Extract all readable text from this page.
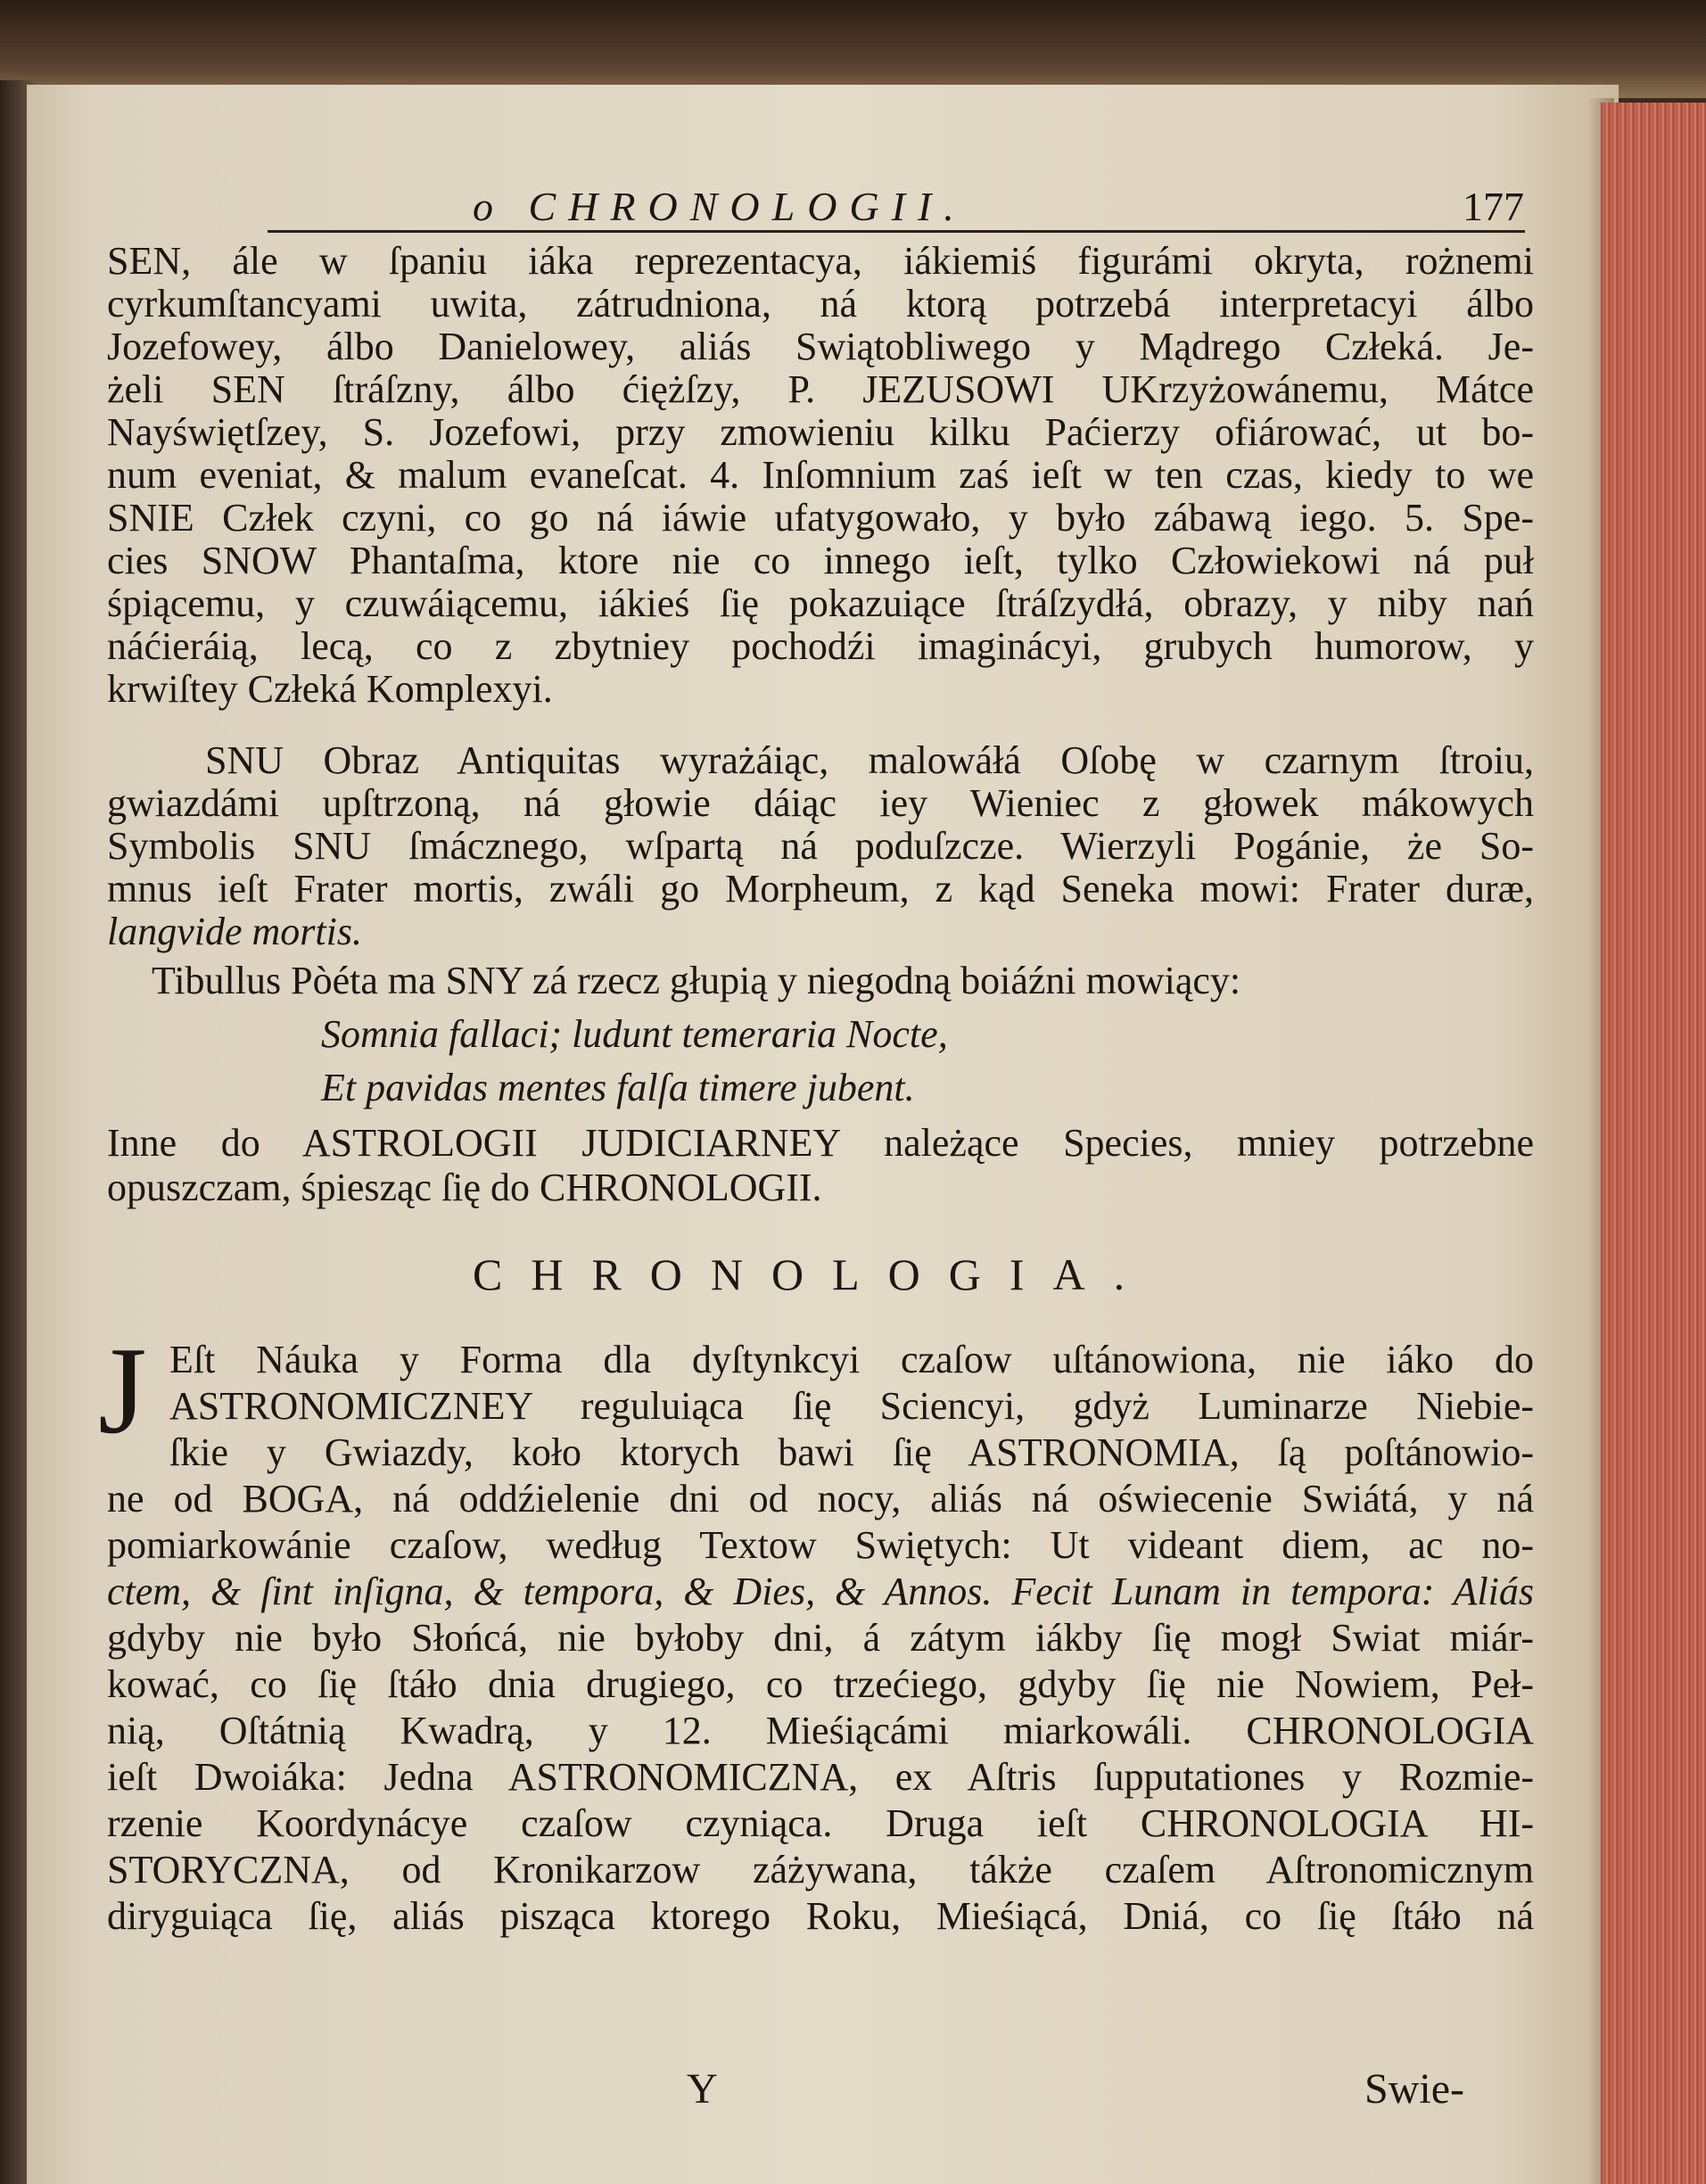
o CHRONOLOGII.	177
SEN, ále w ſpaniu iáka reprezentacya, iákiemiś figurámi okryta, rożnemi
cyrkumſtancyami uwita, zátrudniona, ná ktorą potrzebá interpretacyi álbo
Jozefowey, álbo Danielowey, aliás Swiątobliwego y Mądrego Człeká. Je-
żeli SEN ſtráſzny, álbo ćiężſzy, P. JEZUSOWI UKrzyżowánemu, Mátce
Nayświętſzey, S. Jozefowi, przy zmowieniu kilku Paćierzy ofiárować, ut bo-
num eveniat, & malum evaneſcat. 4. Inſomnium zaś ieſt w ten czas, kiedy to we
SNIE Człek czyni, co go ná iáwie ufatygowało, y było zábawą iego. 5. Spe-
cies SNOW Phantaſma, ktore nie co innego ieſt, tylko Człowiekowi ná puł
śpiącemu, y czuwáiącemu, iákieś ſię pokazuiące ſtráſzydłá, obrazy, y niby nań
náćieráią, lecą, co z zbytniey pochodźi imaginácyi, grubych humorow, y
krwiſtey Człeká Komplexyi.
SNU Obraz Antiquitas wyrażáiąc, malowáłá Oſobę w czarnym ſtroiu,
gwiazdámi upſtrzoną, ná głowie dáiąc iey Wieniec z głowek mákowych
Symbolis SNU ſmácznego, wſpartą ná poduſzcze. Wierzyli Pogánie, że So-
mnus ieſt Frater mortis, zwáli go Morpheum, z kąd Seneka mowi: Frater duræ,
langvide mortis.
Tibullus Pòéta ma SNY zá rzecz głupią y niegodną boiáźni mowiący:
Somnia fallaci; ludunt temeraria Nocte,
Et pavidas mentes falſa timere jubent.
Inne do ASTROLOGII JUDICIARNEY należące Species, mniey potrzebne
opuszczam, śpiesząc ſię do CHRONOLOGII.
CHRONOLOGIA.
J Eſt Náuka y Forma dla dyſtynkcyi czaſow uſtánowiona, nie iáko do
ASTRONOMICZNEY reguluiąca ſię Sciencyi, gdyż Luminarze Niebie-
ſkie y Gwiazdy, koło ktorych bawi ſię ASTRONOMIA, ſą poſtánowio-
ne od BOGA, ná oddźielenie dni od nocy, aliás ná oświecenie Swiátá, y ná
pomiarkowánie czaſow, według Textow Swiętych: Ut videant diem, ac no-
ctem, & ſint inſigna, & tempora, & Dies, & Annos. Fecit Lunam in tempora: Aliás
gdyby nie było Słońcá, nie byłoby dni, á zátym iákby ſię mogł Swiat miár-
kować, co ſię ſtáło dnia drugiego, co trzećiego, gdyby ſię nie Nowiem, Peł-
nią, Oſtátnią Kwadrą, y 12. Mieśiącámi miarkowáli. CHRONOLOGIA
ieſt Dwoiáka: Jedna ASTRONOMICZNA, ex Aſtris ſupputationes y Rozmie-
rzenie Koordynácye czaſow czyniąca. Druga ieſt CHRONOLOGIA HI-
STORYCZNA, od Kronikarzow záżywana, tákże czaſem Aſtronomicznym
diryguiąca ſię, aliás pisząca ktorego Roku, Mieśiącá, Dniá, co ſię ſtáło ná
Y	Swie-
